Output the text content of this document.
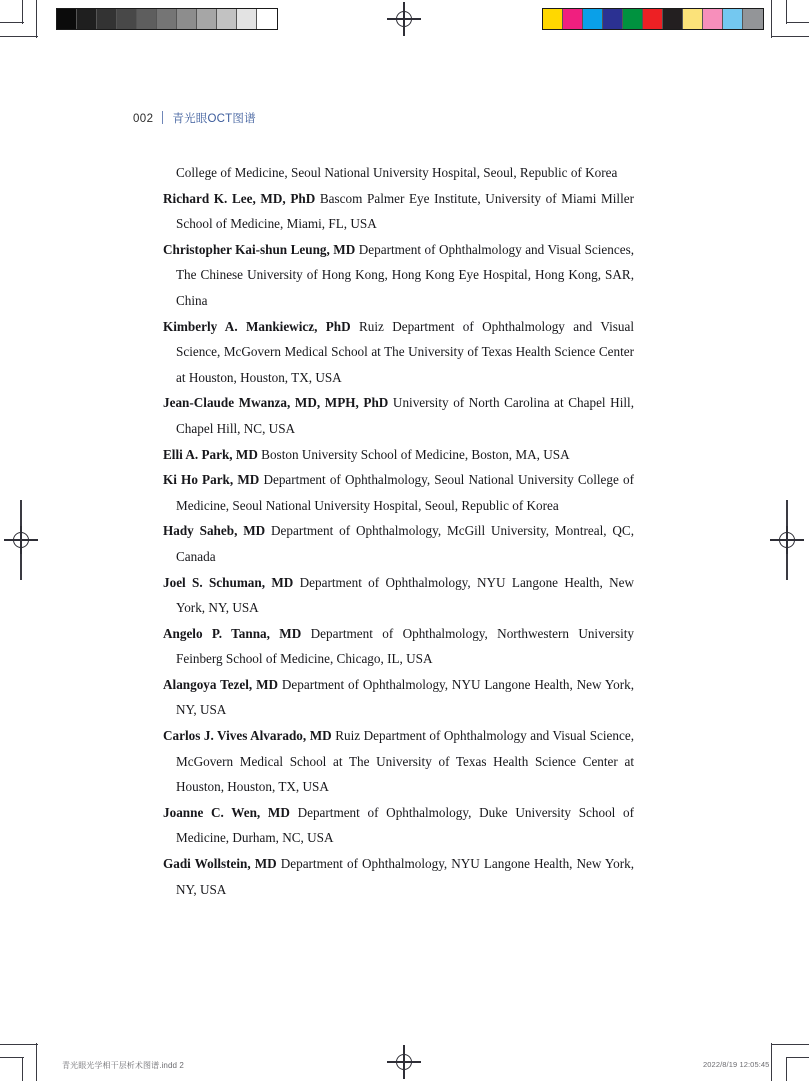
002 青光眼OCT图谱

College of Medicine, Seoul National University Hospital, Seoul, Republic of Korea

Richard K. Lee, MD, PhD Bascom Palmer Eye Institute, University of Miami Miller School of Medicine, Miami, FL, USA

Christopher Kai-shun Leung, MD Department of Ophthalmology and Visual Sciences, The Chinese University of Hong Kong, Hong Kong Eye Hospital, Hong Kong, SAR, China

Kimberly A. Mankiewicz, PhD Ruiz Department of Ophthalmology and Visual Science, McGovern Medical School at The University of Texas Health Science Center at Houston, Houston, TX, USA

Jean-Claude Mwanza, MD, MPH, PhD University of North Carolina at Chapel Hill, Chapel Hill, NC, USA

Elli A. Park, MD Boston University School of Medicine, Boston, MA, USA

Ki Ho Park, MD Department of Ophthalmology, Seoul National University College of Medicine, Seoul National University Hospital, Seoul, Republic of Korea

Hady Saheb, MD Department of Ophthalmology, McGill University, Montreal, QC, Canada

Joel S. Schuman, MD Department of Ophthalmology, NYU Langone Health, New York, NY, USA

Angelo P. Tanna, MD Department of Ophthalmology, Northwestern University Feinberg School of Medicine, Chicago, IL, USA

Alangoya Tezel, MD Department of Ophthalmology, NYU Langone Health, New York, NY, USA

Carlos J. Vives Alvarado, MD Ruiz Department of Ophthalmology and Visual Science, McGovern Medical School at The University of Texas Health Science Center at Houston, Houston, TX, USA

Joanne C. Wen, MD Department of Ophthalmology, Duke University School of Medicine, Durham, NC, USA

Gadi Wollstein, MD Department of Ophthalmology, NYU Langone Health, New York, NY, USA

青光眼光学相干层析术图谱.indd 2	2022/8/19 12:05:45
